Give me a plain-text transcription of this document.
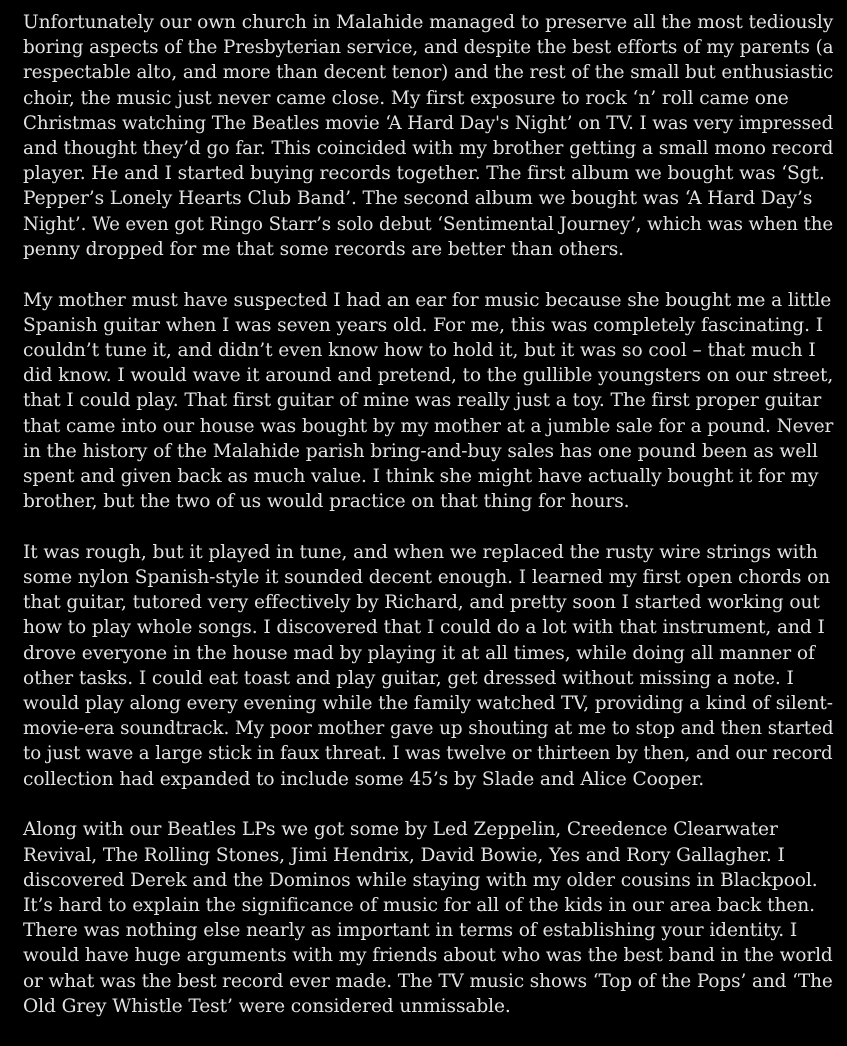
Unfortunately our own church in Malahide managed to preserve all the most tediously
boring aspects of the Presbyterian service, and despite the best efforts of my parents (a
respectable alto, and more than decent tenor) and the rest of the small but enthusiastic
choir, the music just never came close. My first exposure to rock ‘n’ roll came one
Christmas watching The Beatles movie ‘A Hard Day's Night’ on TV. I was very impressed
and thought they’d go far. This coincided with my brother getting a small mono record
player. He and I started buying records together. The first album we bought was ‘Sgt.
Pepper’s Lonely Hearts Club Band’. The second album we bought was ‘A Hard Day’s
Night’. We even got Ringo Starr’s solo debut ‘Sentimental Journey’, which was when the
penny dropped for me that some records are better than others.

My mother must have suspected I had an ear for music because she bought me a little
Spanish guitar when I was seven years old. For me, this was completely fascinating. I
couldn’t tune it, and didn’t even know how to hold it, but it was so cool – that much I
did know. I would wave it around and pretend, to the gullible youngsters on our street,
that I could play. That first guitar of mine was really just a toy. The first proper guitar
that came into our house was bought by my mother at a jumble sale for a pound. Never
in the history of the Malahide parish bring-and-buy sales has one pound been as well
spent and given back as much value. I think she might have actually bought it for my
brother, but the two of us would practice on that thing for hours.

It was rough, but it played in tune, and when we replaced the rusty wire strings with
some nylon Spanish-style it sounded decent enough. I learned my first open chords on
that guitar, tutored very effectively by Richard, and pretty soon I started working out
how to play whole songs. I discovered that I could do a lot with that instrument, and I
drove everyone in the house mad by playing it at all times, while doing all manner of
other tasks. I could eat toast and play guitar, get dressed without missing a note. I
would play along every evening while the family watched TV, providing a kind of silent-
movie-era soundtrack. My poor mother gave up shouting at me to stop and then started
to just wave a large stick in faux threat. I was twelve or thirteen by then, and our record
collection had expanded to include some 45’s by Slade and Alice Cooper.

Along with our Beatles LPs we got some by Led Zeppelin, Creedence Clearwater
Revival, The Rolling Stones, Jimi Hendrix, David Bowie, Yes and Rory Gallagher. I
discovered Derek and the Dominos while staying with my older cousins in Blackpool.
It’s hard to explain the significance of music for all of the kids in our area back then.
There was nothing else nearly as important in terms of establishing your identity. I
would have huge arguments with my friends about who was the best band in the world
or what was the best record ever made. The TV music shows ‘Top of the Pops’ and ‘The
Old Grey Whistle Test’ were considered unmissable.
